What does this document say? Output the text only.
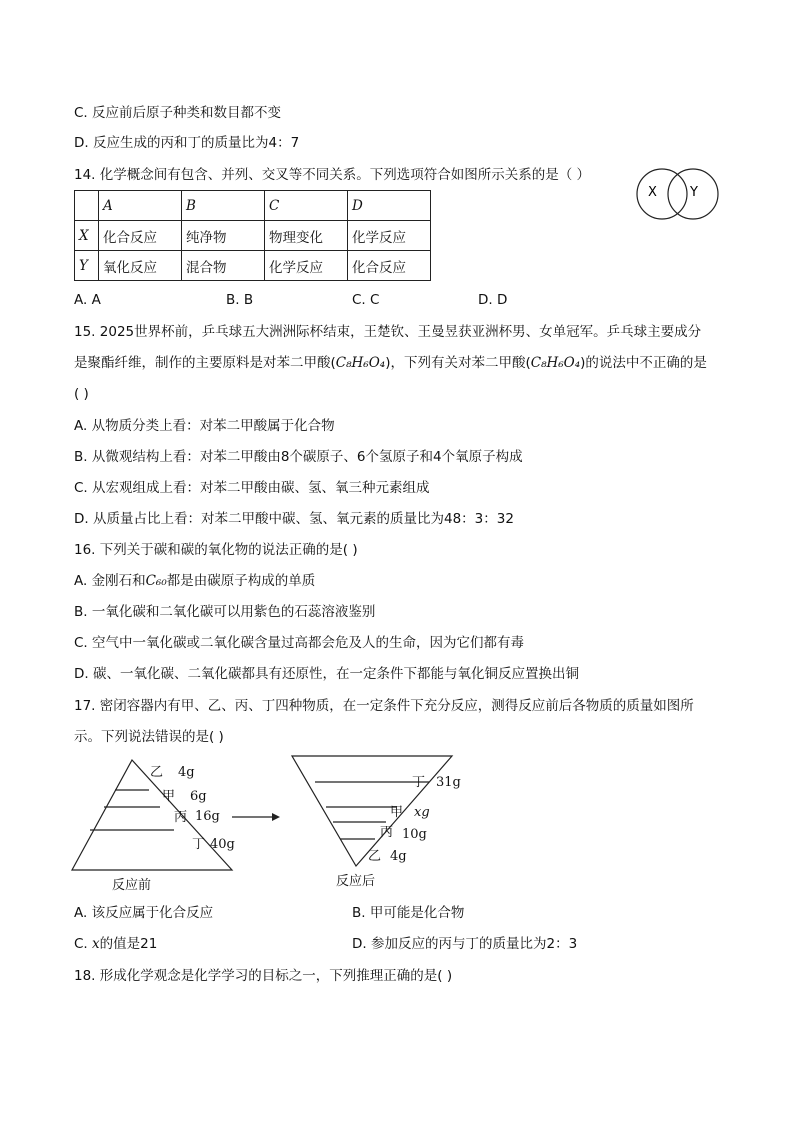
C. 反应前后原子种类和数目都不变
D. 反应生成的丙和丁的质量比为4：7
14. 化学概念间有包含、并列、交叉等不同关系。下列选项符合如图所示关系的是（ ）
X	Y
	A	B	C	D
X	化合反应	纯净物	物理变化	化学反应
Y	氧化反应	混合物	化学反应	化合反应
A. A	B. B	C. C	D. D
15. 2025世界杯前，乒乓球五大洲洲际杯结束，王楚钦、王曼昱获亚洲杯男、女单冠军。乒乓球主要成分
是聚酯纤维，制作的主要原料是对苯二甲酸(C₈H₆O₄)，下列有关对苯二甲酸(C₈H₆O₄)的说法中不正确的是
( )
A. 从物质分类上看：对苯二甲酸属于化合物
B. 从微观结构上看：对苯二甲酸由8个碳原子、6个氢原子和4个氧原子构成
C. 从宏观组成上看：对苯二甲酸由碳、氢、氧三种元素组成
D. 从质量占比上看：对苯二甲酸中碳、氢、氧元素的质量比为48：3：32
16. 下列关于碳和碳的氧化物的说法正确的是( )
A. 金刚石和C₆₀都是由碳原子构成的单质
B. 一氧化碳和二氧化碳可以用紫色的石蕊溶液鉴别
C. 空气中一氧化碳或二氧化碳含量过高都会危及人的生命，因为它们都有毒
D. 碳、一氧化碳、二氧化碳都具有还原性，在一定条件下都能与氧化铜反应置换出铜
17. 密闭容器内有甲、乙、丙、丁四种物质，在一定条件下充分反应，测得反应前后各物质的质量如图所
示。下列说法错误的是( )
乙 4g
甲 6g
丙 16g
丁 40g
反应前
丁 31g
甲 xg
丙 10g
乙 4g
反应后
A. 该反应属于化合反应	B. 甲可能是化合物
C. x的值是21	D. 参加反应的丙与丁的质量比为2：3
18. 形成化学观念是化学学习的目标之一，下列推理正确的是( )
